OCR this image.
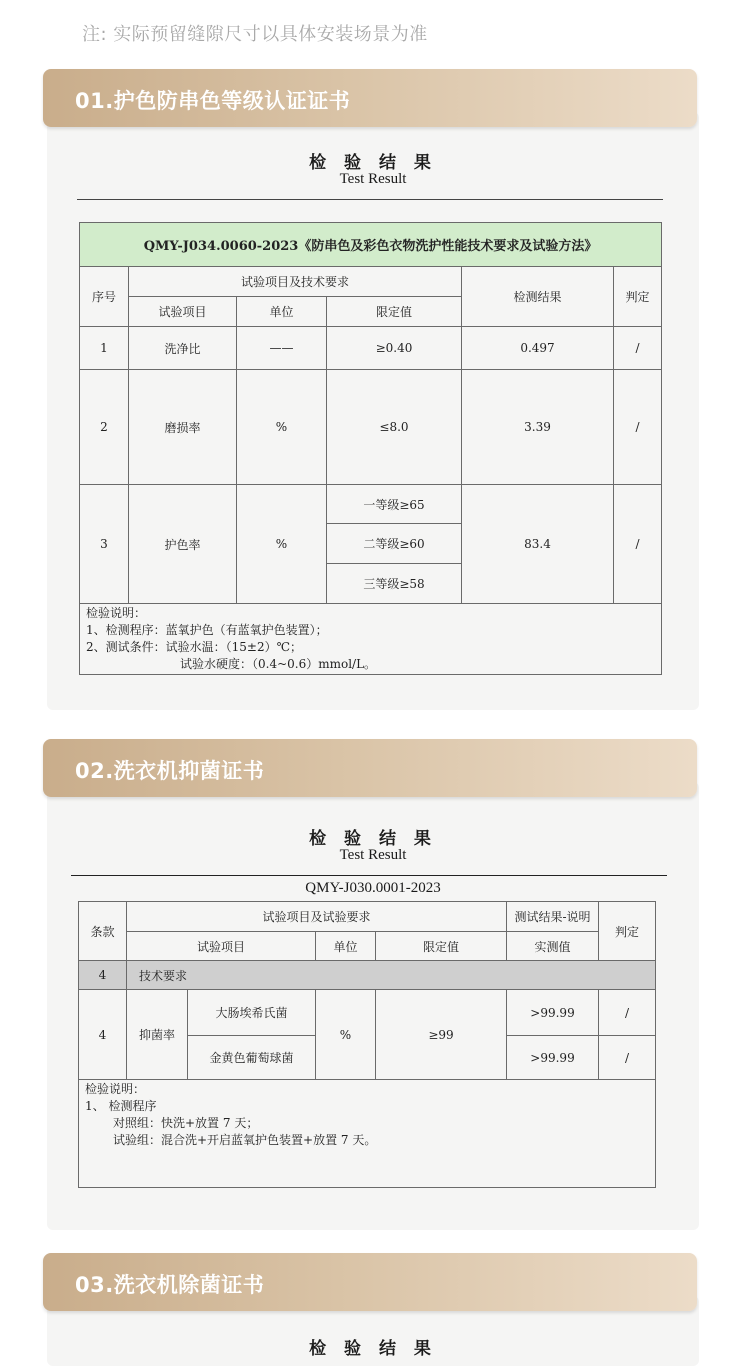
注: 实际预留缝隙尺寸以具体安装场景为准
检 验 结 果
Test Result
QMY-J034.0060-2023《防串色及彩色衣物洗护性能技术要求及试验方法》					
序号	试验项目及技术要求			检测结果	判定
	试验项目	单位	限定值		
1	洗净比	——	≥0.40	0.497	/
2	磨损率	%	≤8.0	3.39	/
3	护色率	%	一等级≥65	83.4	/
			二等级≥60		
			三等级≥58		

检验说明：
1、检测程序：蓝氧护色（有蓝氧护色装置）；
2、测试条件：试验水温：（15±2）℃；
试验水硬度：（0.4~0.6）mmol/L。					
01.护色防串色等级认证证书
检 验 结 果
Test Result
QMY-J030.0001-2023
条款	试验项目及试验要求				测试结果-说明	判定
	试验项目		单位	限定值	实测值	
4	技术要求					
4	抑菌率	大肠埃希氏菌	%	≥99	>99.99	/
		金黄色葡萄球菌			>99.99	/

检验说明：
1、 检测程序
对照组：快洗+放置 7 天；
试验组：混合洗+开启蓝氧护色装置+放置 7 天。						
02.洗衣机抑菌证书
检 验 结 果
03.洗衣机除菌证书
